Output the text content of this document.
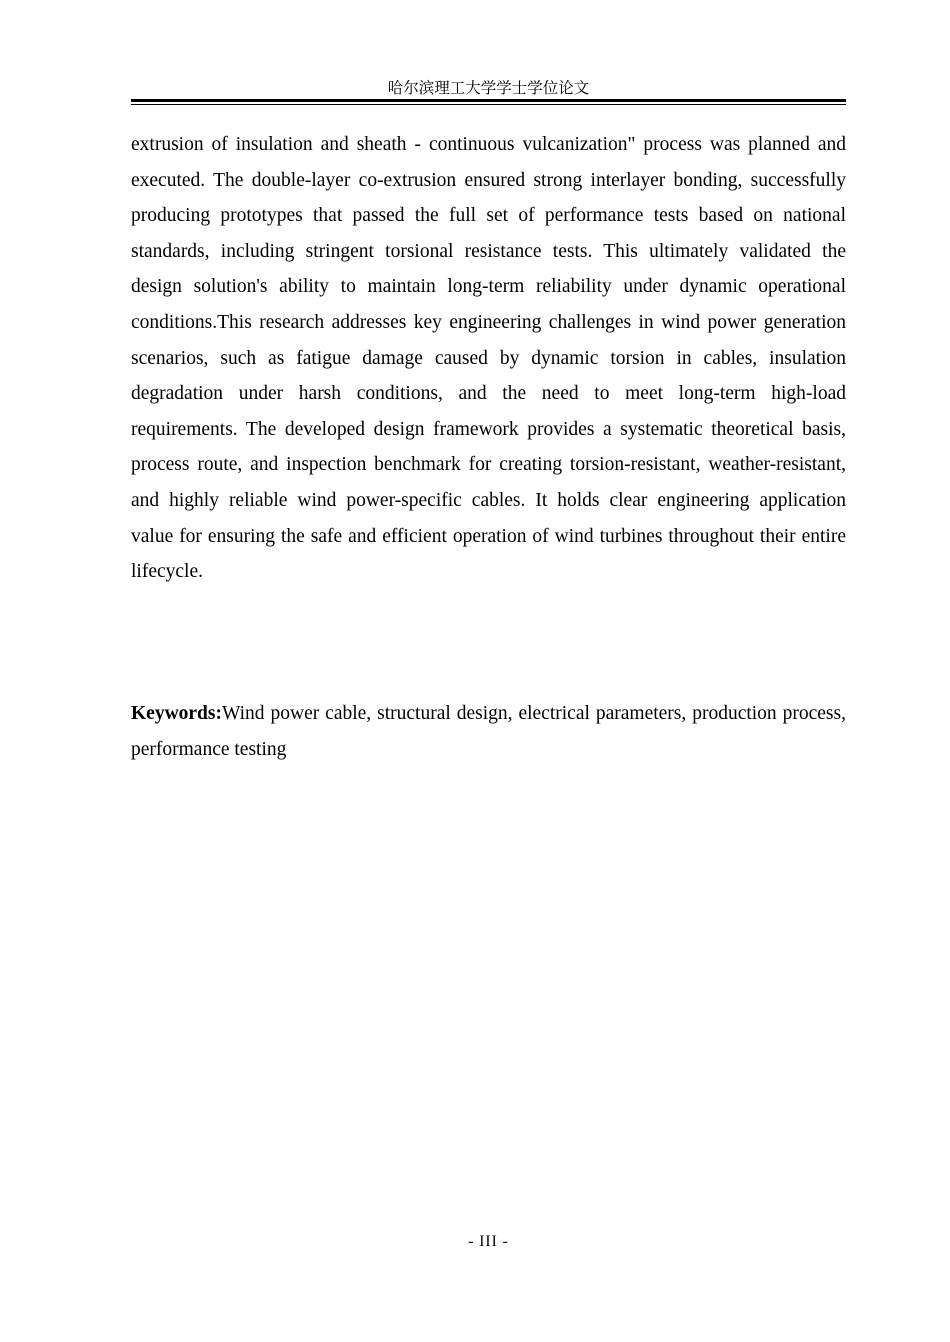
哈尔滨理工大学学士学位论文

extrusion of insulation and sheath - continuous vulcanization" process was planned and executed. The double-layer co-extrusion ensured strong interlayer bonding, successfully producing prototypes that passed the full set of performance tests based on national standards, including stringent torsional resistance tests. This ultimately validated the design solution's ability to maintain long-term reliability under dynamic operational conditions.This research addresses key engineering challenges in wind power generation scenarios, such as fatigue damage caused by dynamic torsion in cables, insulation degradation under harsh conditions, and the need to meet long-term high-load requirements. The developed design framework provides a systematic theoretical basis, process route, and inspection benchmark for creating torsion-resistant, weather-resistant, and highly reliable wind power-specific cables. It holds clear engineering application value for ensuring the safe and efficient operation of wind turbines throughout their entire lifecycle.

Keywords:Wind power cable, structural design, electrical parameters, production process, performance testing

- III -
